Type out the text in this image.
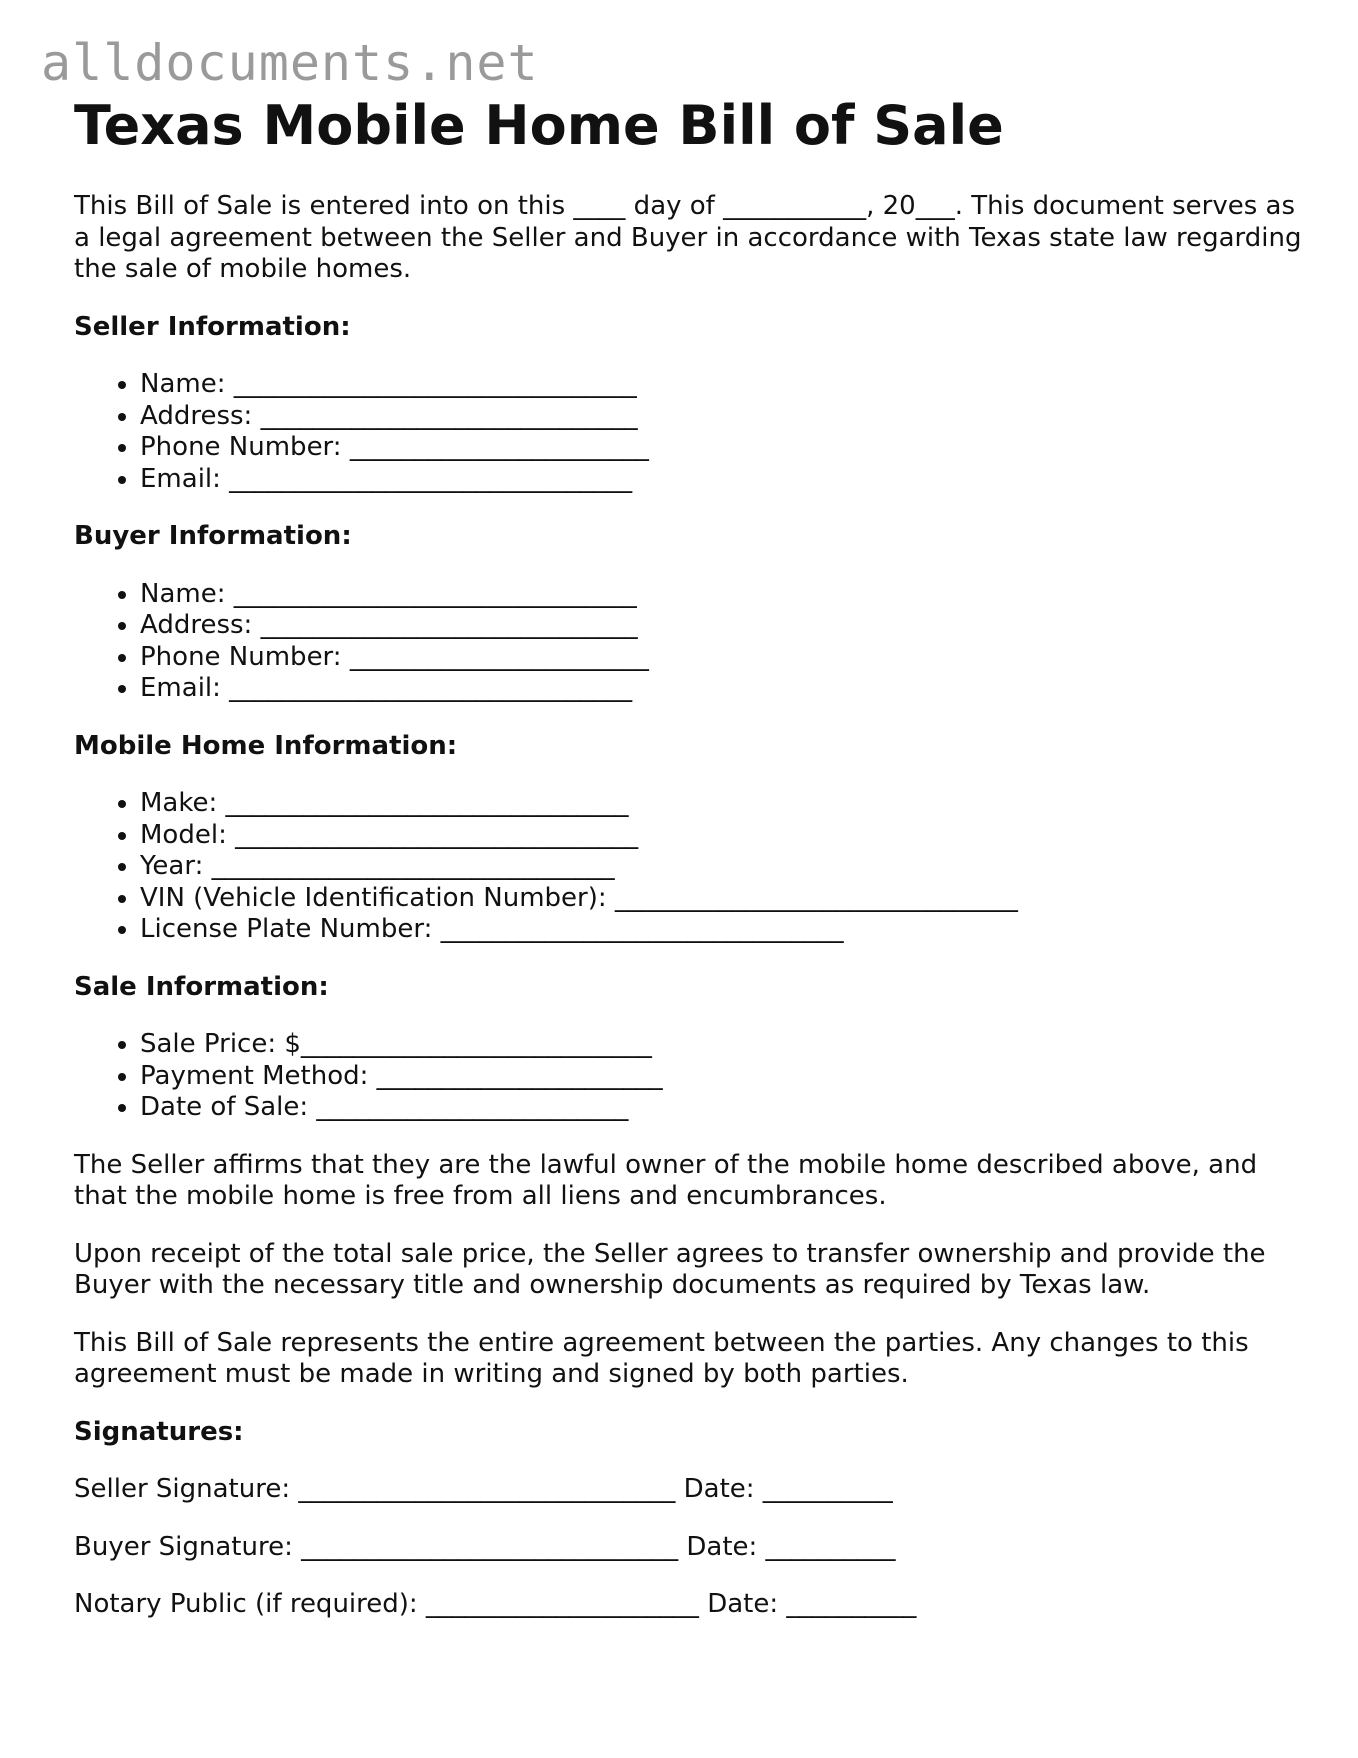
alldocuments.net
Texas Mobile Home Bill of Sale

This Bill of Sale is entered into on this ____ day of ___________, 20___. This document serves as a legal agreement between the Seller and Buyer in accordance with Texas state law regarding the sale of mobile homes.

Seller Information:
• Name: _______________________________
• Address: _____________________________
• Phone Number: _______________________
• Email: _______________________________
Buyer Information:
• Name: _______________________________
• Address: _____________________________
• Phone Number: _______________________
• Email: _______________________________
Mobile Home Information:
• Make: _______________________________
• Model: _______________________________
• Year: _______________________________
• VIN (Vehicle Identification Number): _______________________________
• License Plate Number: _______________________________
Sale Information:
• Sale Price: $___________________________
• Payment Method: ______________________
• Date of Sale: ________________________

The Seller affirms that they are the lawful owner of the mobile home described above, and that the mobile home is free from all liens and encumbrances.

Upon receipt of the total sale price, the Seller agrees to transfer ownership and provide the Buyer with the necessary title and ownership documents as required by Texas law.

This Bill of Sale represents the entire agreement between the parties. Any changes to this agreement must be made in writing and signed by both parties.

Signatures:
Seller Signature: _____________________________ Date: __________
Buyer Signature: _____________________________ Date: __________
Notary Public (if required): _____________________ Date: __________
